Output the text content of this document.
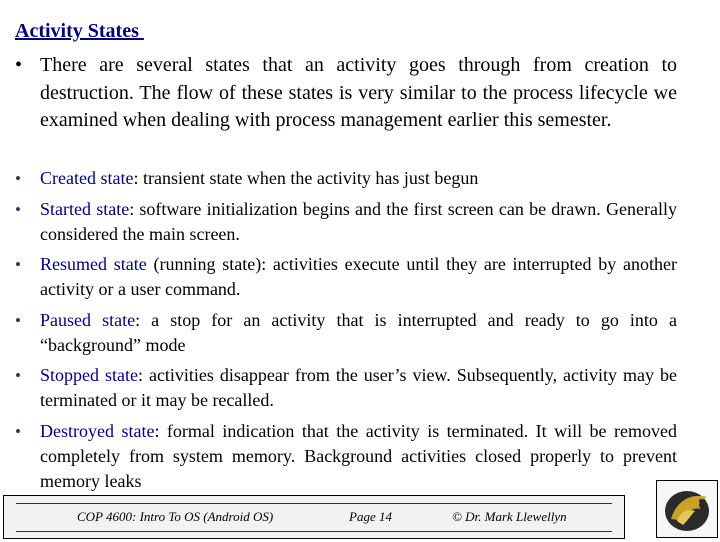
Activity States
• There are several states that an activity goes through from creation to destruction. The flow of these states is very similar to the process lifecycle we examined when dealing with process management earlier this semester.
• Created state: transient state when the activity has just begun
• Started state: software initialization begins and the first screen can be drawn. Generally considered the main screen.
• Resumed state (running state): activities execute until they are interrupted by another activity or a user command.
• Paused state: a stop for an activity that is interrupted and ready to go into a “background” mode
• Stopped state: activities disappear from the user’s view. Subsequently, activity may be terminated or it may be recalled.
• Destroyed state: formal indication that the activity is terminated. It will be removed completely from system memory. Background activities closed properly to prevent memory leaks
COP 4600: Intro To OS (Android OS)	Page 14	© Dr. Mark Llewellyn
